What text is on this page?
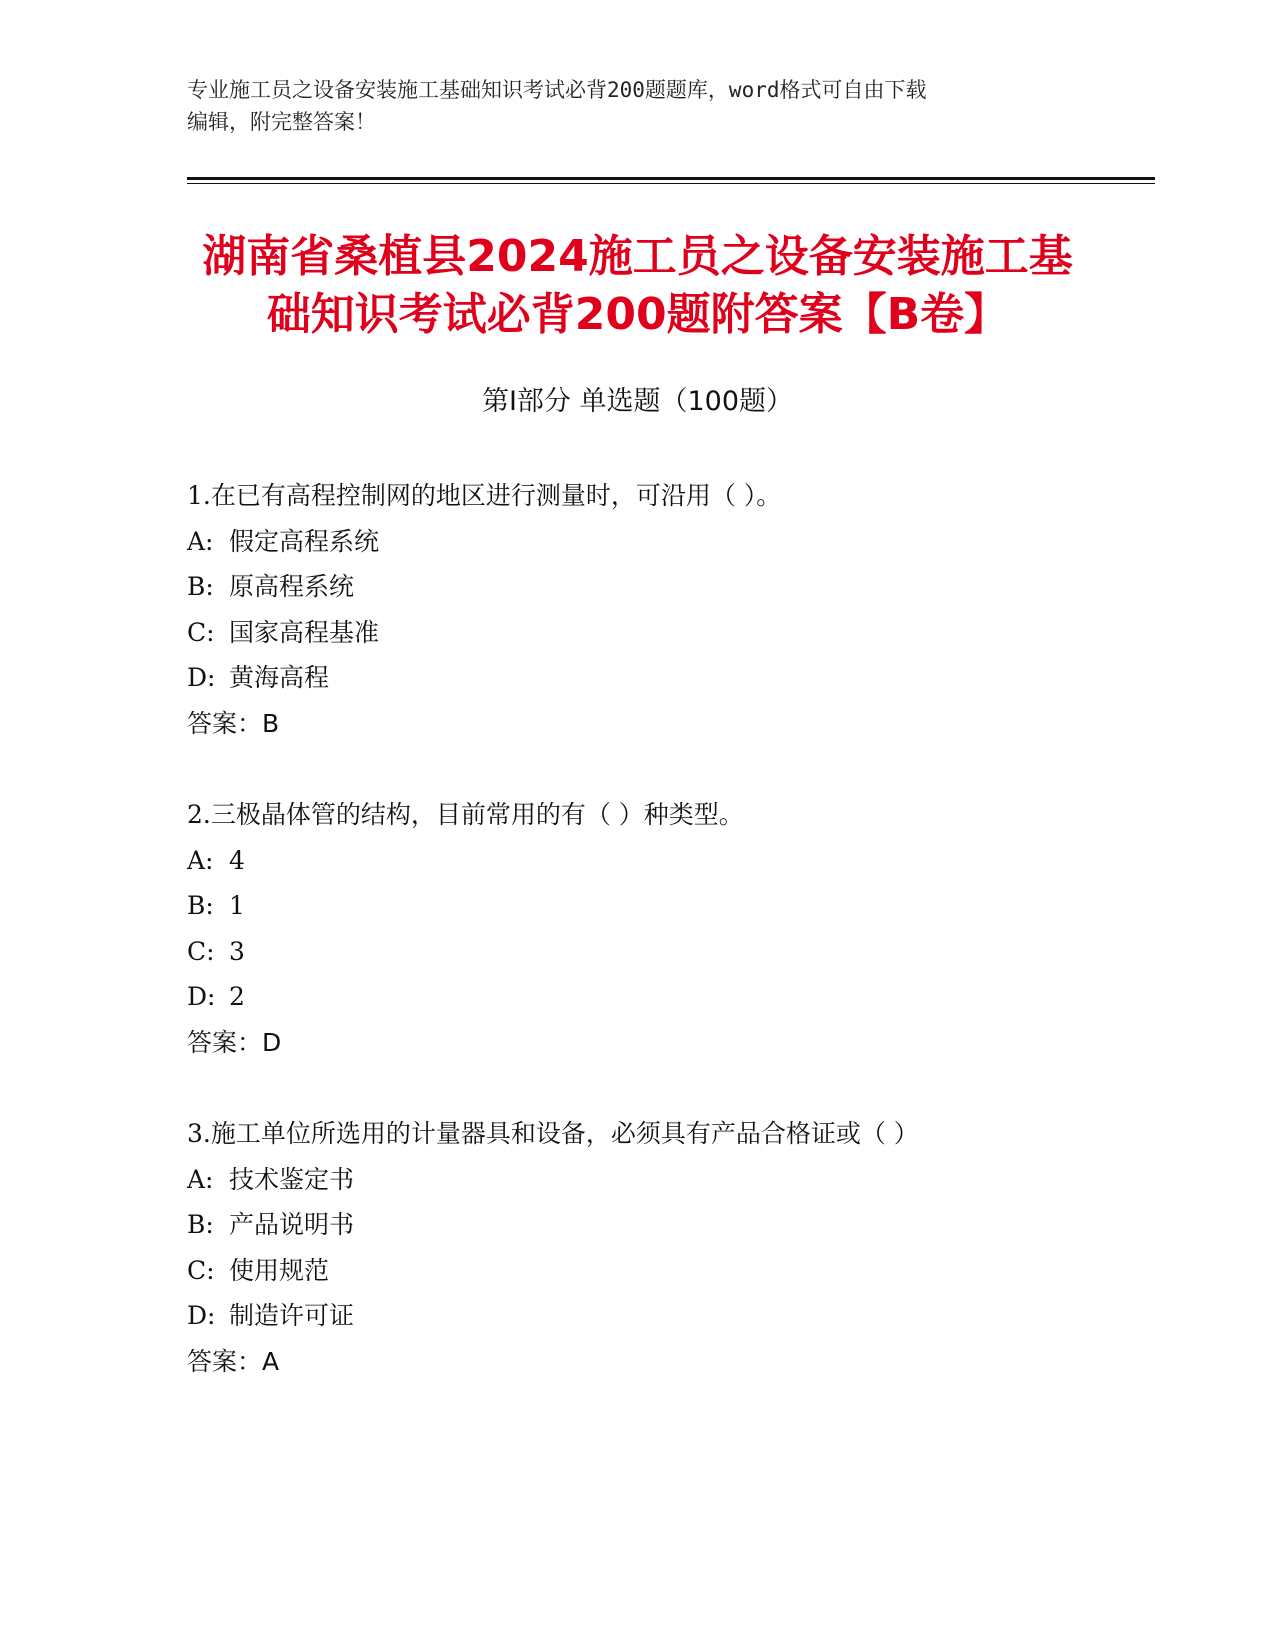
专业施工员之设备安装施工基础知识考试必背200题题库，word格式可自由下载
编辑，附完整答案！
湖南省桑植县2024施工员之设备安装施工基
础知识考试必背200题附答案【B卷】
第Ⅰ部分 单选题（100题）
1.在已有高程控制网的地区进行测量时，可沿用（ ）。
A: 假定高程系统
B: 原高程系统
C: 国家高程基准
D: 黄海高程
答案：B
2.三极晶体管的结构，目前常用的有（ ）种类型。
A: 4
B: 1
C: 3
D: 2
答案：D
3.施工单位所选用的计量器具和设备，必须具有产品合格证或（ ）
A: 技术鉴定书
B: 产品说明书
C: 使用规范
D: 制造许可证
答案：A
